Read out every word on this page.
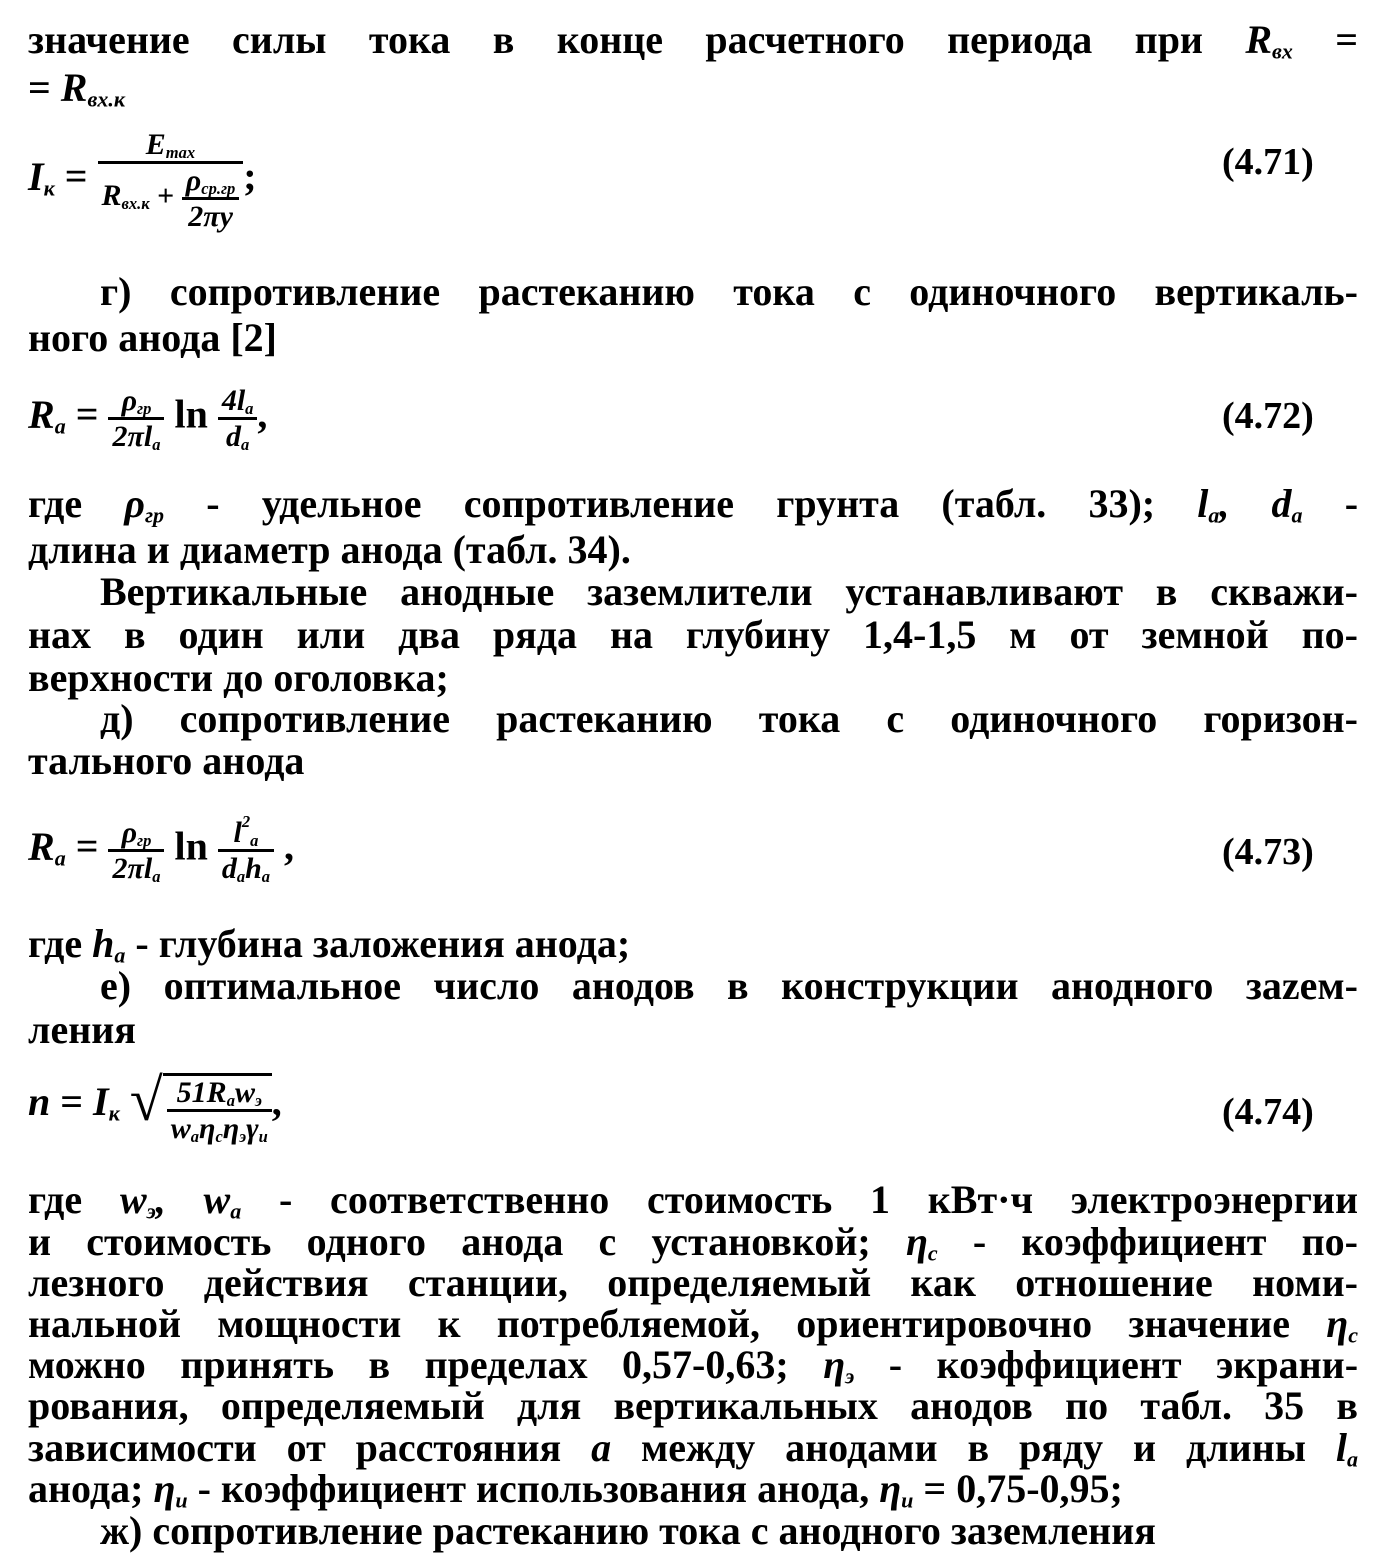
значение силы тока в конце расчетного периода при $R_{вх}$ =
= $R_{вх.к}$
$I_к = \frac{E_{max}}{R_{вх.к} + \frac{\rho_{ср.гр}}{2\pi y}}$ ;	(4.71)
г) сопротивление растеканию тока с одиночного вертикаль-
ного анода [2]
$R_а = \frac{\rho_{гр}}{2\pi l_а}$ $\ln \frac{4l_а}{d_а}$ ,	(4.72)
где $\rho_{гр}$ - удельное сопротивление грунта (табл. 33); $l_а$, $d_а$ -
длина и диаметр анода (табл. 34).
Вертикальные анодные заземлители устанавливают в скважи-
нах в один или два ряда на глубину 1,4-1,5 м от земной по-
верхности до оголовка;
д) сопротивление растеканию тока с одиночного горизон-
тального анода
$R_а = \frac{\rho_{гр}}{2\pi l_а}$ $\ln \frac{l^2_а}{d_аh_а}$ ,	(4.73)
где $h_а$ - глубина заложения анода;
е) оптимальное число анодов в конструкции анодного заzем-
ления
$n = I_к$ √ $\frac{51R_аw_э}{w_а\eta_с\eta_э\gamma_и}$ ,	(4.74)
где $w_э$, $w_а$ - соответственно стоимость 1 кВт·ч электроэнергии
и стоимость одного анода с установкой; $\eta_с$ - коэффициент по-
лезного действия станции, определяемый как отношение номи-
нальной мощности к потребляемой, ориентировочно значение $\eta_с$
можно принять в пределах 0,57-0,63; $\eta_э$ - коэффициент экрани-
рования, определяемый для вертикальных анодов по табл. 35 в
зависимости от расстояния a между анодами в ряду и длины $l_а$
анода; $\eta_и$ - коэффициент использования анода, $\eta_и = 0,75-0,95$;
ж) сопротивление растеканию тока с анодного заземления
